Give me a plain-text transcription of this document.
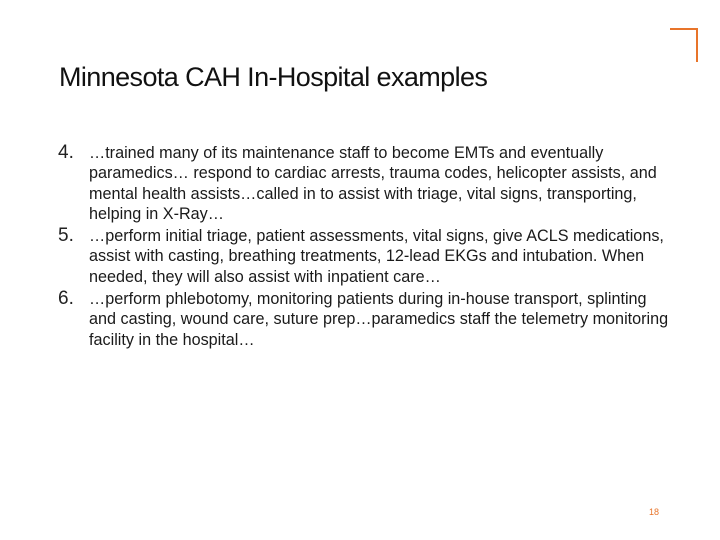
Minnesota CAH In-Hospital examples
4. …trained many of its maintenance staff to become EMTs and eventually paramedics… respond to cardiac arrests, trauma codes, helicopter assists, and mental health assists…called in to assist with triage, vital signs, transporting, helping in X-Ray…
5. …perform initial triage, patient assessments, vital signs, give ACLS medications, assist with casting, breathing treatments, 12-lead EKGs and intubation. When needed, they will also assist with inpatient care…
6. …perform phlebotomy, monitoring patients during in-house transport, splinting and casting, wound care, suture prep…paramedics staff the telemetry monitoring facility in the hospital…
18
